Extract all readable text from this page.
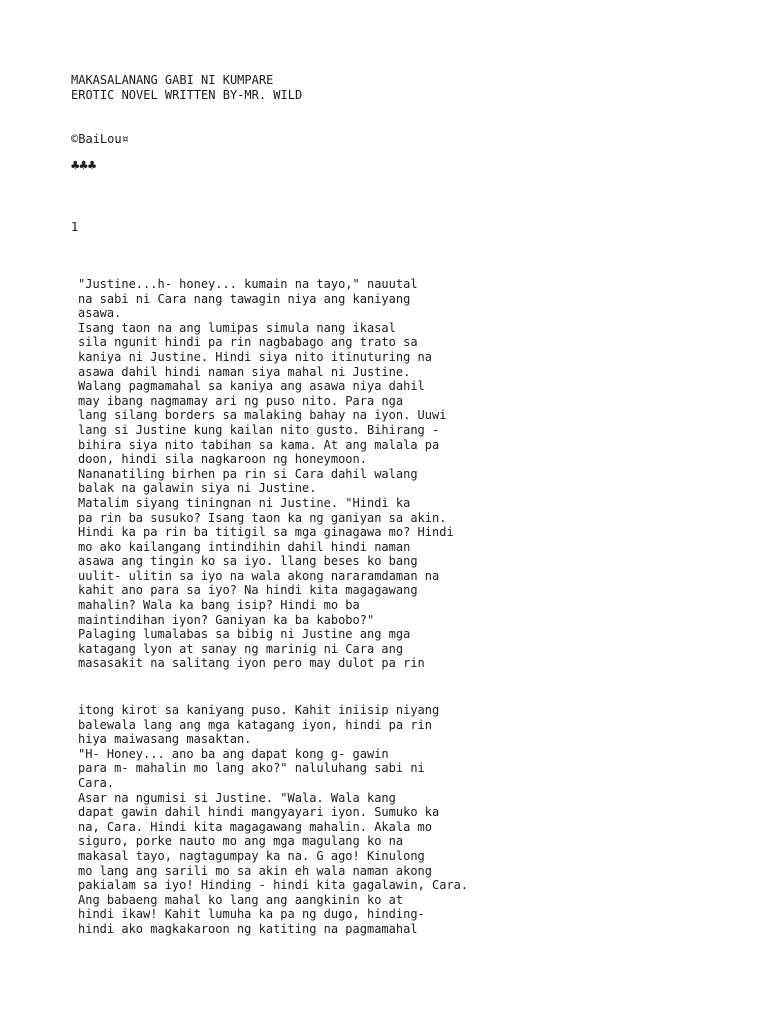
MAKASALANANG GABI NI KUMPARE
EROTIC NOVEL WRITTEN BY-MR. WILD
©BaiLou¤
♣♣♣
1
"Justine...h- honey... kumain na tayo," nauutal
na sabi ni Cara nang tawagin niya ang kaniyang
asawa.
Isang taon na ang lumipas simula nang ikasal
sila ngunit hindi pa rin nagbabago ang trato sa
kaniya ni Justine. Hindi siya nito itinuturing na
asawa dahil hindi naman siya mahal ni Justine.
Walang pagmamahal sa kaniya ang asawa niya dahil
may ibang nagmamay ari ng puso nito. Para nga
lang silang borders sa malaking bahay na iyon. Uuwi
lang si Justine kung kailan nito gusto. Bihirang -
bihira siya nito tabihan sa kama. At ang malala pa
doon, hindi sila nagkaroon ng honeymoon.
Nananatiling birhen pa rin si Cara dahil walang
balak na galawin siya ni Justine.
Matalim siyang tiningnan ni Justine. "Hindi ka
pa rin ba susuko? Isang taon ka ng ganiyan sa akin.
Hindi ka pa rin ba titigil sa mga ginagawa mo? Hindi
mo ako kailangang intindihin dahil hindi naman
asawa ang tingin ko sa iyo. llang beses ko bang
uulit- ulitin sa iyo na wala akong nararamdaman na
kahit ano para sa iyo? Na hindi kita magagawang
mahalin? Wala ka bang isip? Hindi mo ba
maintindihan iyon? Ganiyan ka ba kabobo?"
Palaging lumalabas sa bibig ni Justine ang mga
katagang lyon at sanay ng marinig ni Cara ang
masasakit na salitang iyon pero may dulot pa rin
itong kirot sa kaniyang puso. Kahit iniisip niyang
balewala lang ang mga katagang iyon, hindi pa rin
hiya maiwasang masaktan.
"H- Honey... ano ba ang dapat kong g- gawin
para m- mahalin mo lang ako?" naluluhang sabi ni
Cara.
Asar na ngumisi si Justine. "Wala. Wala kang
dapat gawin dahil hindi mangyayari iyon. Sumuko ka
na, Cara. Hindi kita magagawang mahalin. Akala mo
siguro, porke nauto mo ang mga magulang ko na
makasal tayo, nagtagumpay ka na. G ago! Kinulong
mo lang ang sarili mo sa akin eh wala naman akong
pakialam sa iyo! Hinding - hindi kita gagalawin, Cara.
Ang babaeng mahal ko lang ang aangkinin ko at
hindi ikaw! Kahit lumuha ka pa ng dugo, hinding-
hindi ako magkakaroon ng katiting na pagmamahal
